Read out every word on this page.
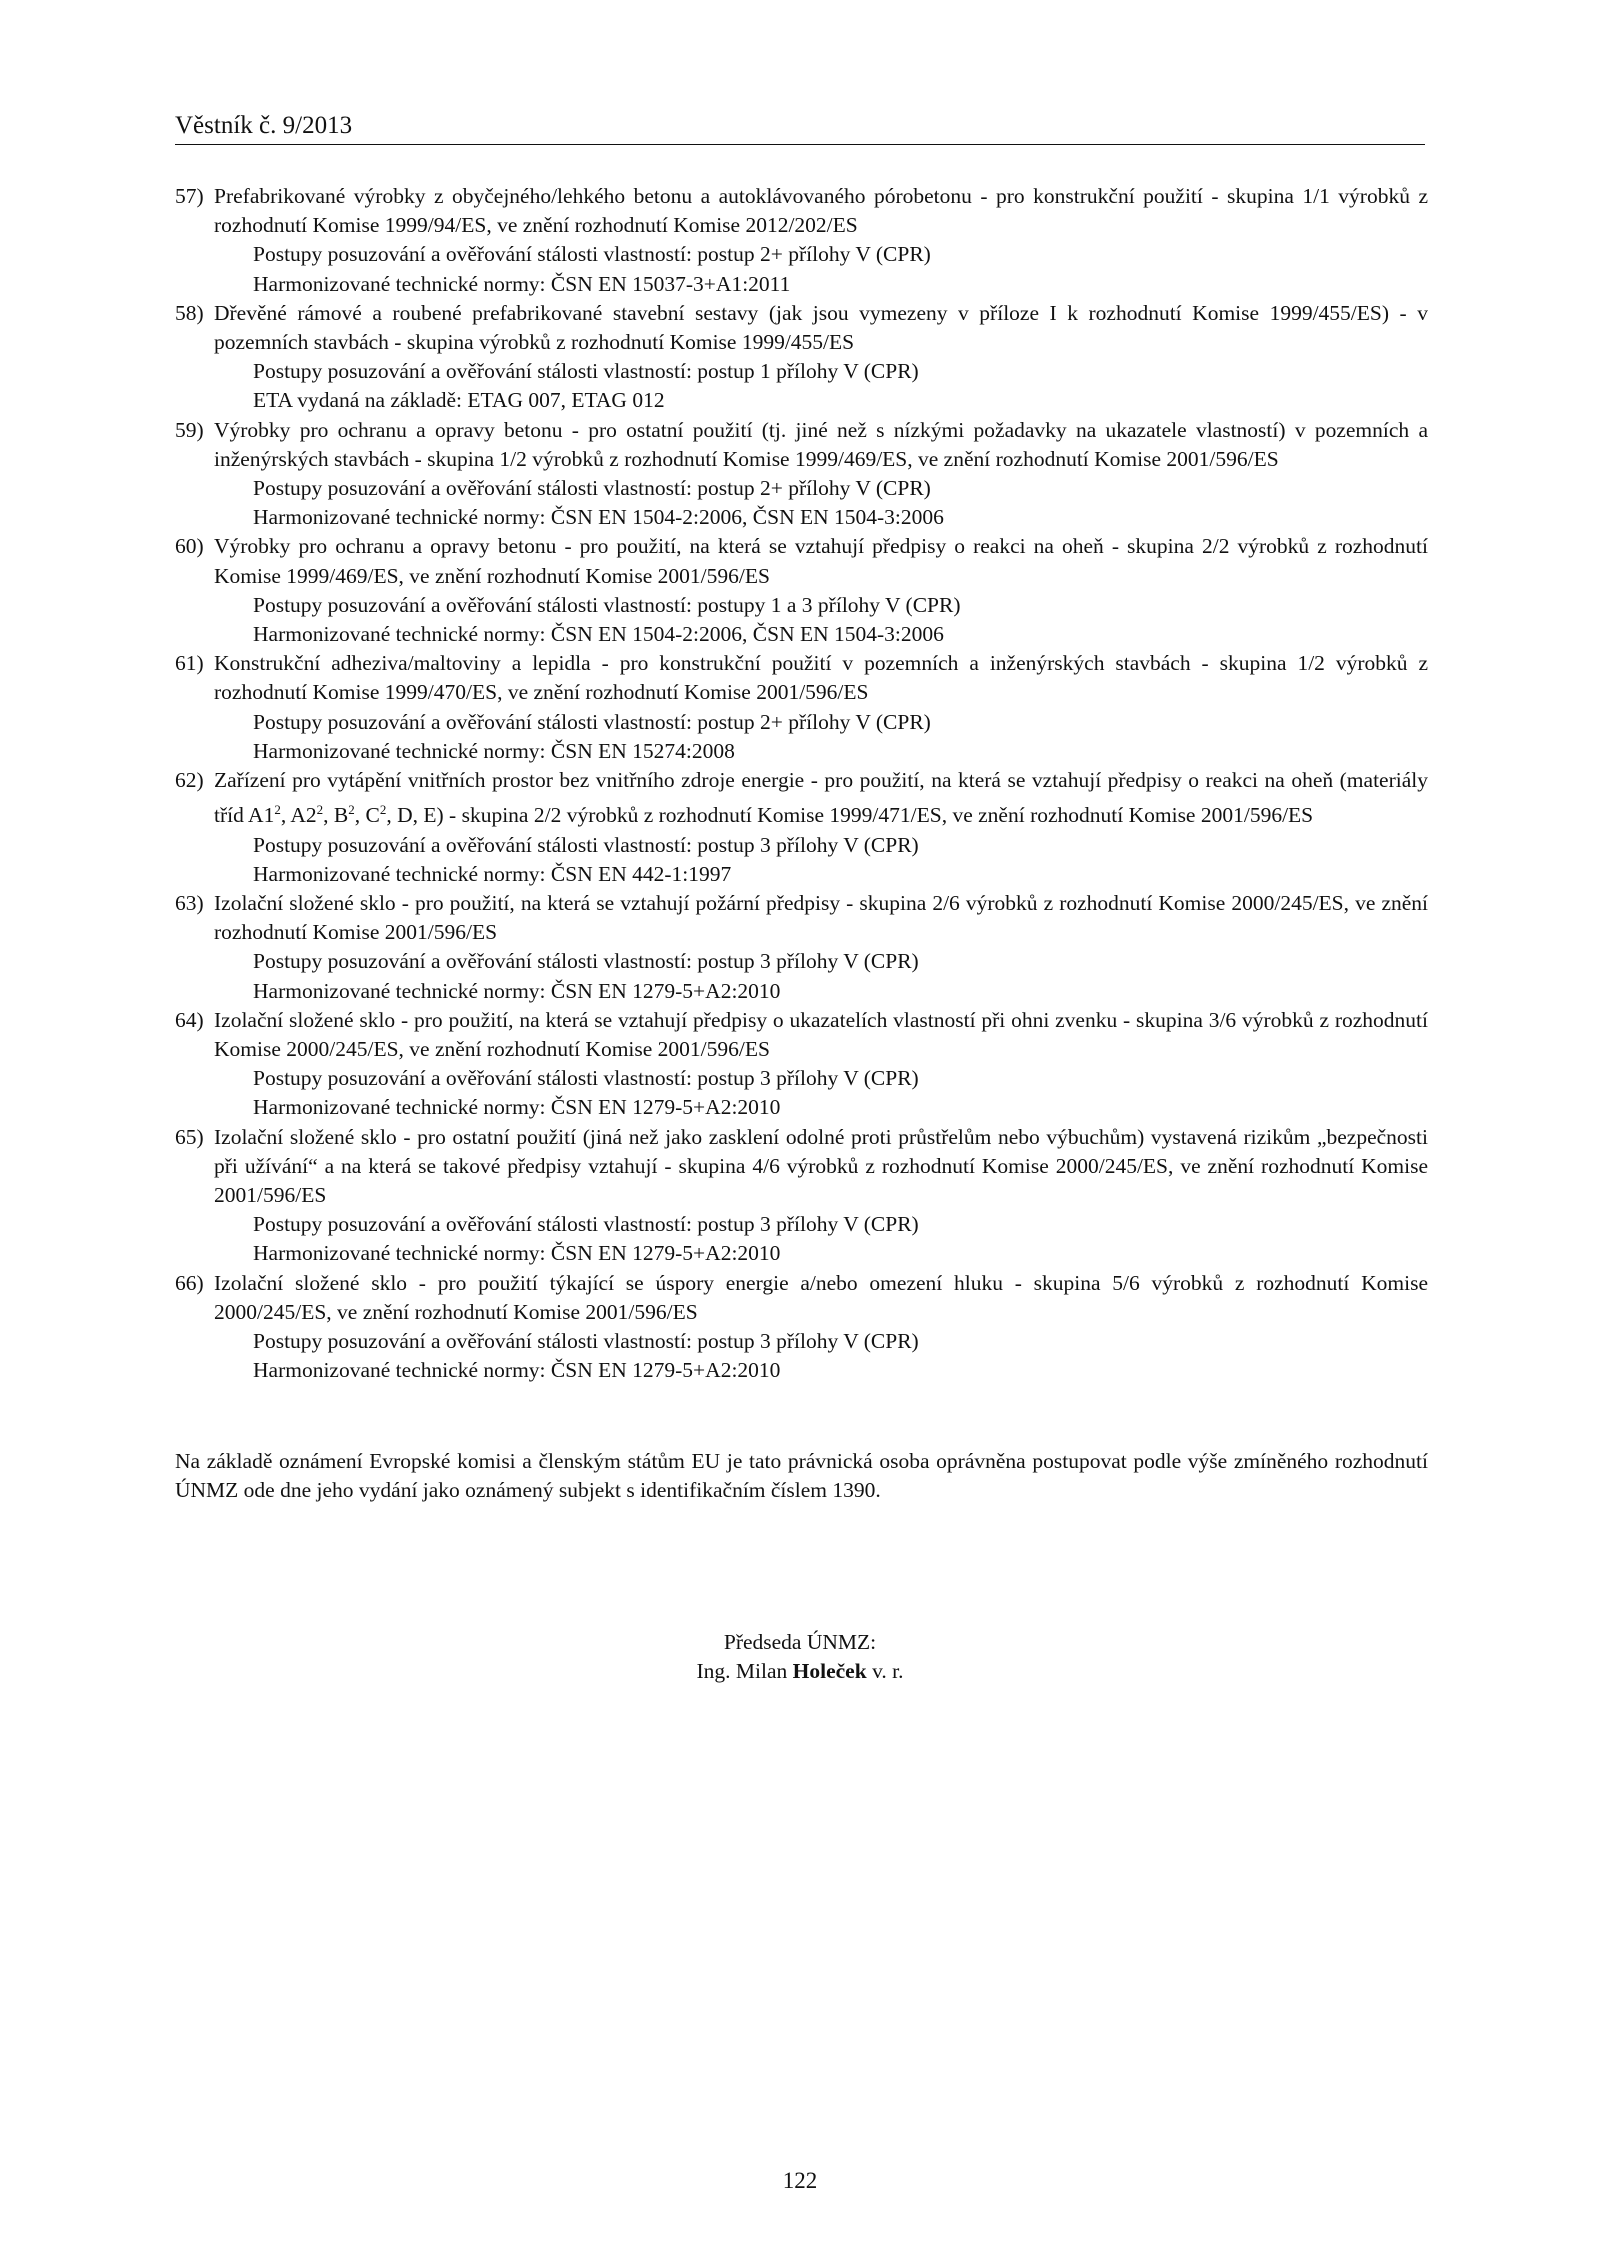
Věstník č. 9/2013
57) Prefabrikované výrobky z obyčejného/lehkého betonu a autoklávovaného pórobetonu - pro konstrukční použití - skupina 1/1 výrobků z rozhodnutí Komise 1999/94/ES, ve znění rozhodnutí Komise 2012/202/ES
Postupy posuzování a ověřování stálosti vlastností: postup 2+ přílohy V (CPR)
Harmonizované technické normy: ČSN EN 15037-3+A1:2011
58) Dřevěné rámové a roubené prefabrikované stavební sestavy (jak jsou vymezeny v příloze I k rozhodnutí Komise 1999/455/ES) - v pozemních stavbách - skupina výrobků z rozhodnutí Komise 1999/455/ES
Postupy posuzování a ověřování stálosti vlastností: postup 1 přílohy V (CPR)
ETA vydaná na základě: ETAG 007, ETAG 012
59) Výrobky pro ochranu a opravy betonu - pro ostatní použití (tj. jiné než s nízkými požadavky na ukazatele vlastností) v pozemních a inženýrských stavbách - skupina 1/2 výrobků z rozhodnutí Komise 1999/469/ES, ve znění rozhodnutí Komise 2001/596/ES
Postupy posuzování a ověřování stálosti vlastností: postup 2+ přílohy V (CPR)
Harmonizované technické normy: ČSN EN 1504-2:2006, ČSN EN 1504-3:2006
60) Výrobky pro ochranu a opravy betonu - pro použití, na která se vztahují předpisy o reakci na oheň - skupina 2/2 výrobků z rozhodnutí Komise 1999/469/ES, ve znění rozhodnutí Komise 2001/596/ES
Postupy posuzování a ověřování stálosti vlastností: postupy 1 a 3 přílohy V (CPR)
Harmonizované technické normy: ČSN EN 1504-2:2006, ČSN EN 1504-3:2006
61) Konstrukční adheziva/maltoviny a lepidla - pro konstrukční použití v pozemních a inženýrských stavbách - skupina 1/2 výrobků z rozhodnutí Komise 1999/470/ES, ve znění rozhodnutí Komise 2001/596/ES
Postupy posuzování a ověřování stálosti vlastností: postup 2+ přílohy V (CPR)
Harmonizované technické normy: ČSN EN 15274:2008
62) Zařízení pro vytápění vnitřních prostor bez vnitřního zdroje energie - pro použití, na která se vztahují předpisy o reakci na oheň (materiály tříd $A1^2$, $A2^2$, $B^2$, $C^2$, D, E) - skupina 2/2 výrobků z rozhodnutí Komise 1999/471/ES, ve znění rozhodnutí Komise 2001/596/ES
Postupy posuzování a ověřování stálosti vlastností: postup 3 přílohy V (CPR)
Harmonizované technické normy: ČSN EN 442-1:1997
63) Izolační složené sklo - pro použití, na která se vztahují požární předpisy - skupina 2/6 výrobků z rozhodnutí Komise 2000/245/ES, ve znění rozhodnutí Komise 2001/596/ES
Postupy posuzování a ověřování stálosti vlastností: postup 3 přílohy V (CPR)
Harmonizované technické normy: ČSN EN 1279-5+A2:2010
64) Izolační složené sklo - pro použití, na která se vztahují předpisy o ukazatelích vlastností při ohni zvenku - skupina 3/6 výrobků z rozhodnutí Komise 2000/245/ES, ve znění rozhodnutí Komise 2001/596/ES
Postupy posuzování a ověřování stálosti vlastností: postup 3 přílohy V (CPR)
Harmonizované technické normy: ČSN EN 1279-5+A2:2010
65) Izolační složené sklo - pro ostatní použití (jiná než jako zasklení odolné proti průstřelům nebo výbuchům) vystavená rizikům „bezpečnosti při užívání“ a na která se takové předpisy vztahují - skupina 4/6 výrobků z rozhodnutí Komise 2000/245/ES, ve znění rozhodnutí Komise 2001/596/ES
Postupy posuzování a ověřování stálosti vlastností: postup 3 přílohy V (CPR)
Harmonizované technické normy: ČSN EN 1279-5+A2:2010
66) Izolační složené sklo - pro použití týkající se úspory energie a/nebo omezení hluku - skupina 5/6 výrobků z rozhodnutí Komise 2000/245/ES, ve znění rozhodnutí Komise 2001/596/ES
Postupy posuzování a ověřování stálosti vlastností: postup 3 přílohy V (CPR)
Harmonizované technické normy: ČSN EN 1279-5+A2:2010
Na základě oznámení Evropské komisi a členským státům EU je tato právnická osoba oprávněna postupovat podle výše zmíněného rozhodnutí ÚNMZ ode dne jeho vydání jako oznámený subjekt s identifikačním číslem 1390.
Předseda ÚNMZ:
Ing. Milan Holeček v. r.
122
